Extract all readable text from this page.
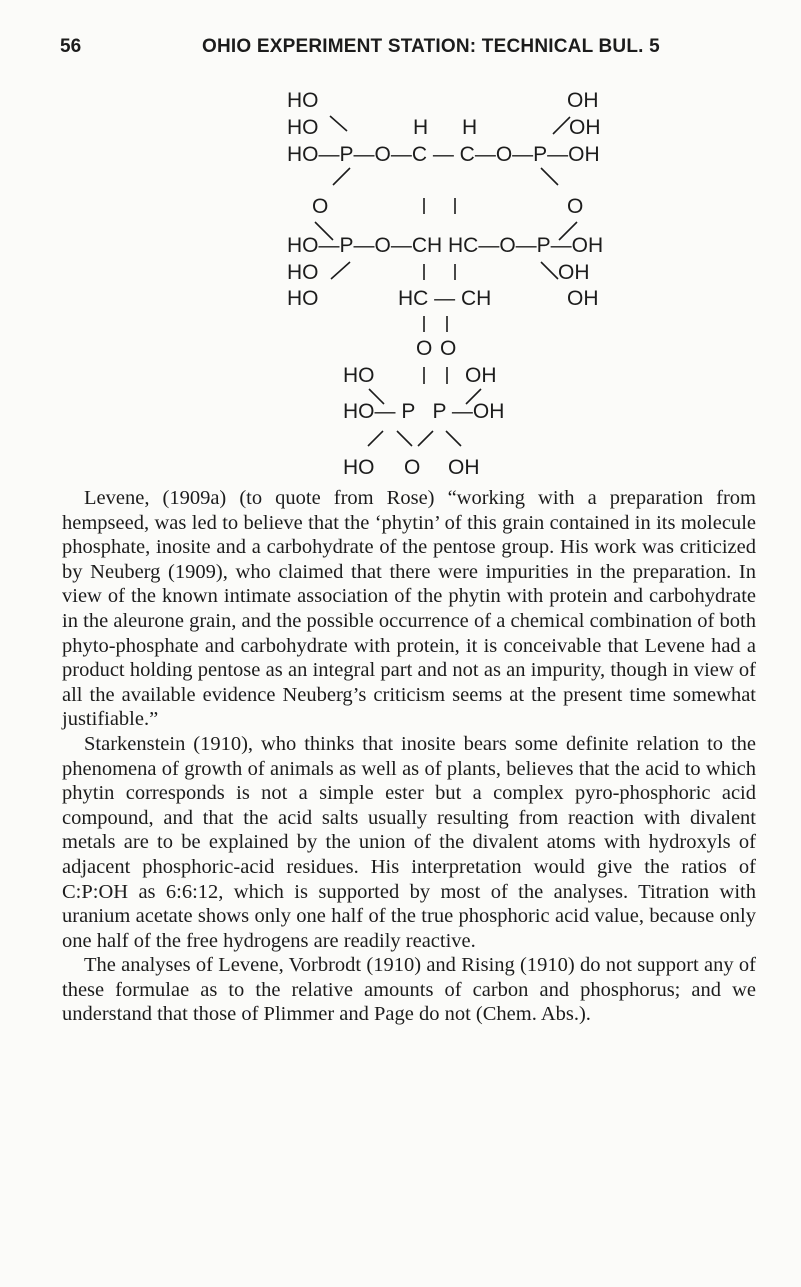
56	OHIO EXPERIMENT STATION: TECHNICAL BUL. 5
HO	OH
HO	H H	OH
HO—P—O—C — C—O—P—OH
O	O
HO—P—O—CH HC—O—P—OH
HO	OH
HO	HC — CH	OH
O O
HO	OH
HO— P   P —OH
HO O OH

Levene, (1909a) (to quote from Rose) “working with a preparation from hempseed, was led to believe that the ‘phytin’ of this grain contained in its molecule phosphate, inosite and a carbohydrate of the pentose group. His work was criticized by Neuberg (1909), who claimed that there were impurities in the preparation. In view of the known intimate association of the phytin with protein and carbohydrate in the aleurone grain, and the possible occurrence of a chemical combination of both phyto-phosphate and carbohydrate with protein, it is conceivable that Levene had a product holding pentose as an integral part and not as an impurity, though in view of all the available evidence Neuberg’s criticism seems at the present time somewhat justifiable.”

Starkenstein (1910), who thinks that inosite bears some definite relation to the phenomena of growth of animals as well as of plants, believes that the acid to which phytin corresponds is not a simple ester but a complex pyro-phosphoric acid compound, and that the acid salts usually resulting from reaction with divalent metals are to be explained by the union of the divalent atoms with hydroxyls of adjacent phosphoric-acid residues. His interpretation would give the ratios of C:P:OH as 6:6:12, which is supported by most of the analyses. Titration with uranium acetate shows only one half of the true phosphoric acid value, because only one half of the free hydrogens are readily reactive.

The analyses of Levene, Vorbrodt (1910) and Rising (1910) do not support any of these formulae as to the relative amounts of carbon and phosphorus; and we understand that those of Plimmer and Page do not (Chem. Abs.).
